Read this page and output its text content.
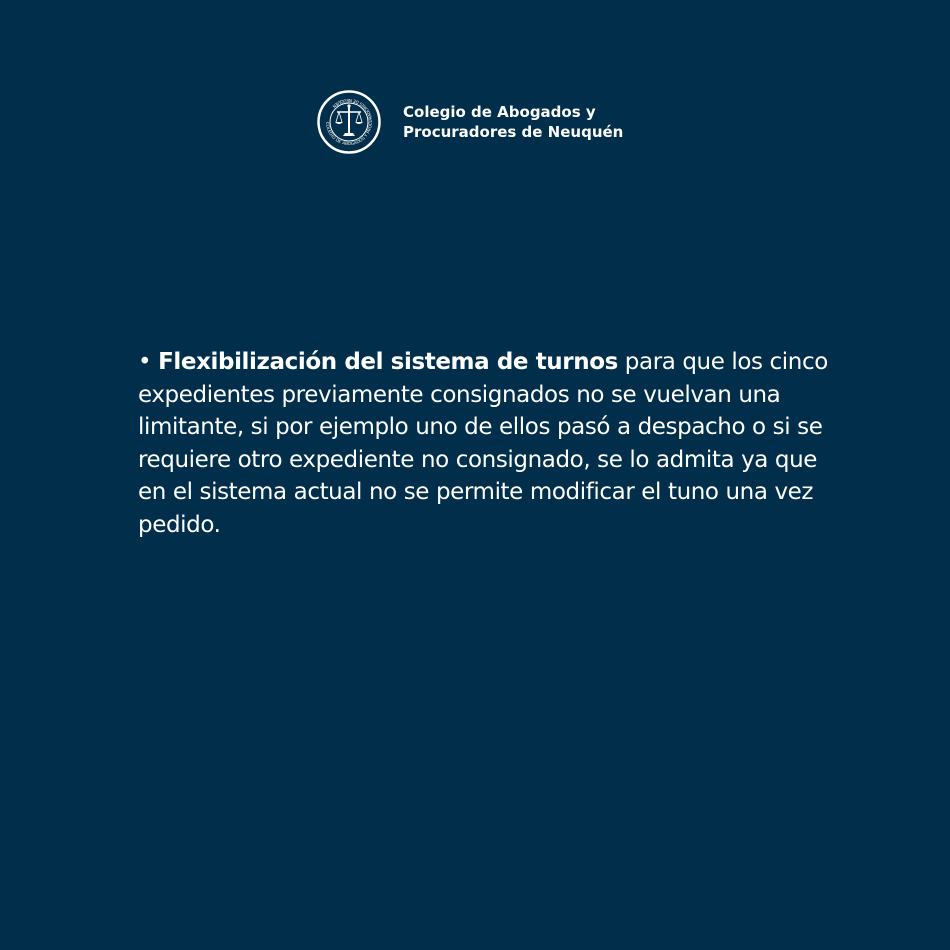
COLEGIO DE ABOGADOS Y PROCURADORES DE NEUQUÉN	Colegio de Abogados y
Procuradores de Neuquén
• Flexibilización del sistema de turnos para que los cinco expedientes previamente consignados no se vuelvan una limitante, si por ejemplo uno de ellos pasó a despacho o si se requiere otro expediente no consignado, se lo admita ya que en el sistema actual no se permite modificar el tuno una vez pedido.
